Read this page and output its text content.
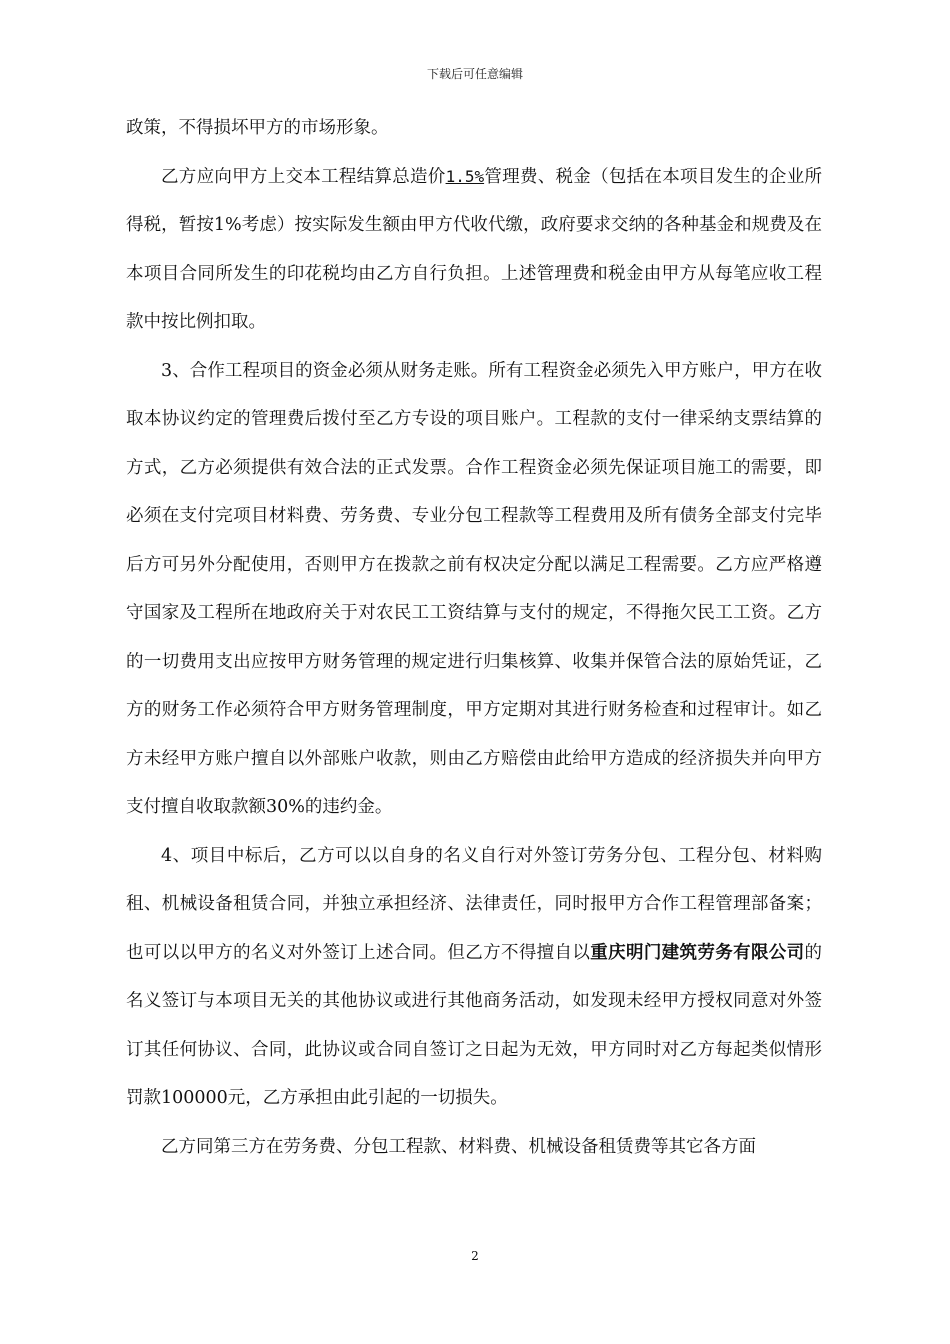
下载后可任意编辑

政策，不得损坏甲方的市场形象。

乙方应向甲方上交本工程结算总造价1.5%管理费、税金（包括在本项目发生的企业所得税，暂按1%考虑）按实际发生额由甲方代收代缴，政府要求交纳的各种基金和规费及在本项目合同所发生的印花税均由乙方自行负担。上述管理费和税金由甲方从每笔应收工程款中按比例扣取。

3、合作工程项目的资金必须从财务走账。所有工程资金必须先入甲方账户，甲方在收取本协议约定的管理费后拨付至乙方专设的项目账户。工程款的支付一律采纳支票结算的方式，乙方必须提供有效合法的正式发票。合作工程资金必须先保证项目施工的需要，即必须在支付完项目材料费、劳务费、专业分包工程款等工程费用及所有债务全部支付完毕后方可另外分配使用，否则甲方在拨款之前有权决定分配以满足工程需要。乙方应严格遵守国家及工程所在地政府关于对农民工工资结算与支付的规定，不得拖欠民工工资。乙方的一切费用支出应按甲方财务管理的规定进行归集核算、收集并保管合法的原始凭证，乙方的财务工作必须符合甲方财务管理制度，甲方定期对其进行财务检查和过程审计。如乙方未经甲方账户擅自以外部账户收款，则由乙方赔偿由此给甲方造成的经济损失并向甲方支付擅自收取款额30%的违约金。

4、项目中标后，乙方可以以自身的名义自行对外签订劳务分包、工程分包、材料购租、机械设备租赁合同，并独立承担经济、法律责任，同时报甲方合作工程管理部备案；也可以以甲方的名义对外签订上述合同。但乙方不得擅自以重庆明门建筑劳务有限公司的名义签订与本项目无关的其他协议或进行其他商务活动，如发现未经甲方授权同意对外签订其任何协议、合同，此协议或合同自签订之日起为无效，甲方同时对乙方每起类似情形罚款100000元，乙方承担由此引起的一切损失。

乙方同第三方在劳务费、分包工程款、材料费、机械设备租赁费等其它各方面

2
